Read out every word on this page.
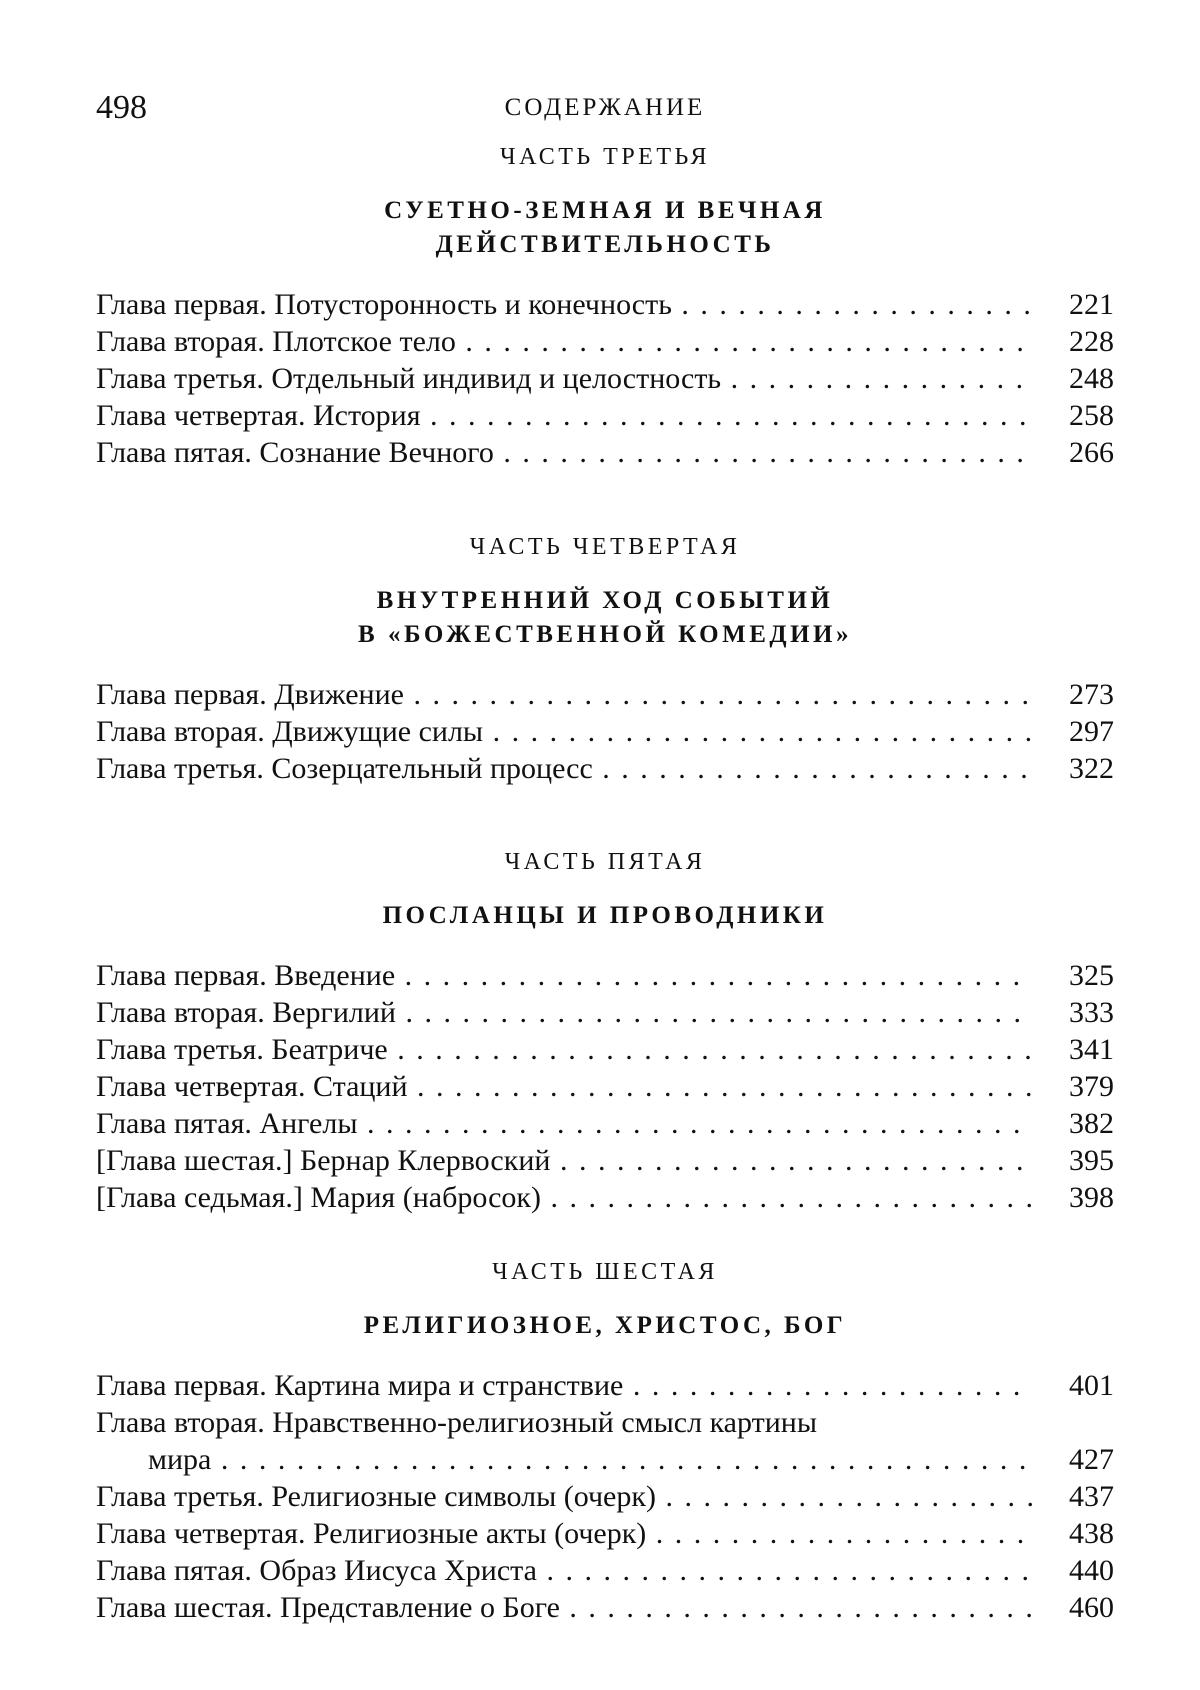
498	СОДЕРЖАНИЕ
ЧАСТЬ ТРЕТЬЯ
СУЕТНО-ЗЕМНАЯ И ВЕЧНАЯ
ДЕЙСТВИТЕЛЬНОСТЬ
Глава первая. Потусторонность и конечность . .	221
Глава вторая. Плотское тело . .	228
Глава третья. Отдельный индивид и целостность . .	248
Глава четвертая. История . .	258
Глава пятая. Сознание Вечного . .	266
ЧАСТЬ ЧЕТВЕРТАЯ
ВНУТРЕННИЙ ХОД СОБЫТИЙ
В «БОЖЕСТВЕННОЙ КОМЕДИИ»
Глава первая. Движение . .	273
Глава вторая. Движущие силы . .	297
Глава третья. Созерцательный процесс . .	322
ЧАСТЬ ПЯТАЯ
ПОСЛАНЦЫ И ПРОВОДНИКИ
Глава первая. Введение . .	325
Глава вторая. Вергилий . .	333
Глава третья. Беатриче . .	341
Глава четвертая. Стаций . .	379
Глава пятая. Ангелы . .	382
[Глава шестая.] Бернар Клервоский . .	395
[Глава седьмая.] Мария (набросок) . .	398
ЧАСТЬ ШЕСТАЯ
РЕЛИГИОЗНОЕ, ХРИСТОС, БОГ
Глава первая. Картина мира и странствие . .	401
Глава вторая. Нравственно-религиозный смысл картины
мира . .	427
Глава третья. Религиозные символы (очерк) . .	437
Глава четвертая. Религиозные акты (очерк) . .	438
Глава пятая. Образ Иисуса Христа . .	440
Глава шестая. Представление о Боге . .	460
